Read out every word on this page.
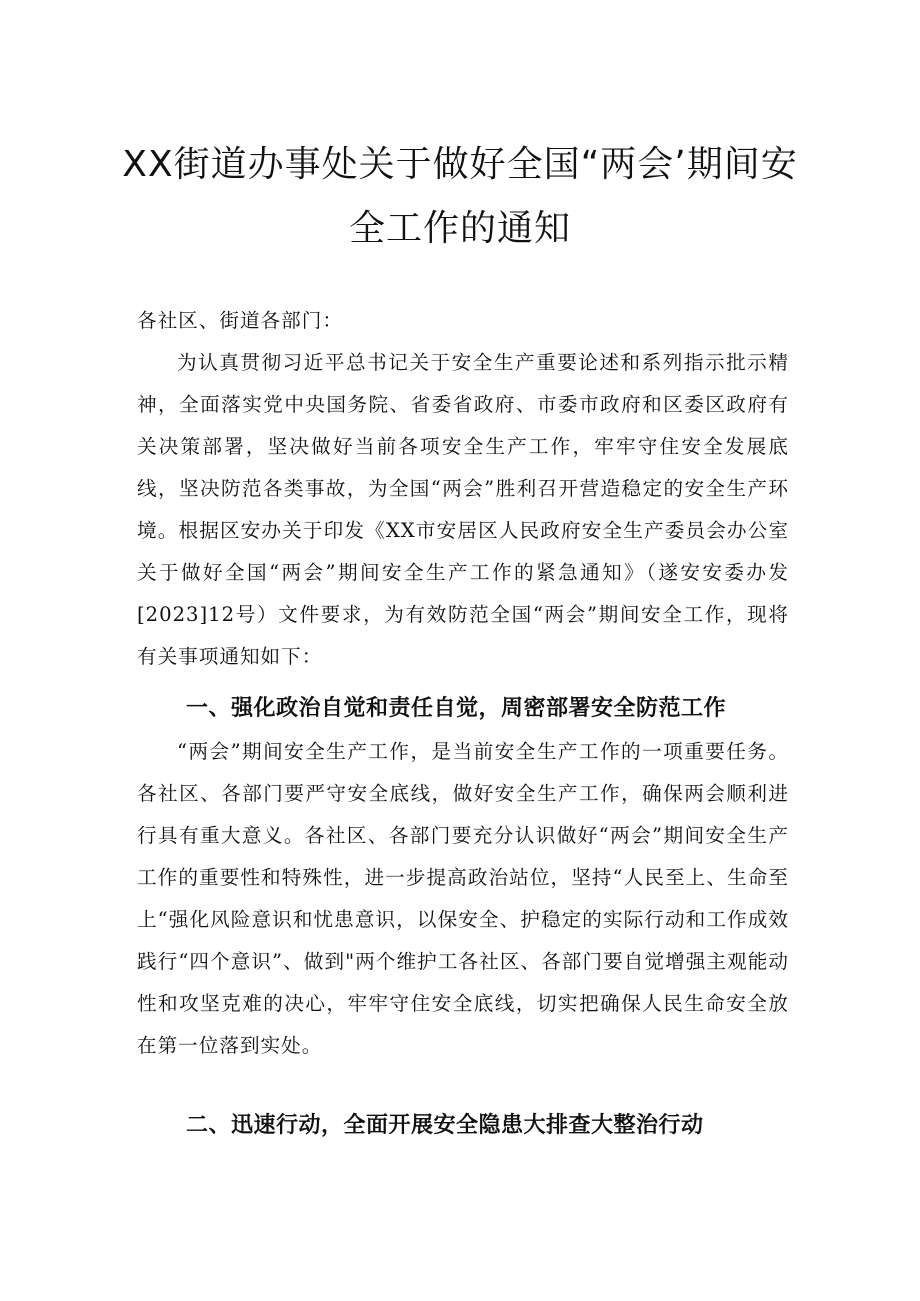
XX街道办事处关于做好全国“两会’期间安
全工作的通知

各社区、街道各部门：

为认真贯彻习近平总书记关于安全生产重要论述和系列指示批示精神，全面落实党中央国务院、省委省政府、市委市政府和区委区政府有关决策部署，坚决做好当前各项安全生产工作，牢牢守住安全发展底线，坚决防范各类事故，为全国“两会”胜利召开营造稳定的安全生产环境。根据区安办关于印发《XX市安居区人民政府安全生产委员会办公室关于做好全国“两会”期间安全生产工作的紧急通知》（遂安安委办发[2023]12号）文件要求，为有效防范全国“两会”期间安全工作，现将有关事项通知如下：

一、强化政治自觉和责任自觉，周密部署安全防范工作

“两会”期间安全生产工作，是当前安全生产工作的一项重要任务。各社区、各部门要严守安全底线，做好安全生产工作，确保两会顺利进行具有重大意义。各社区、各部门要充分认识做好“两会”期间安全生产工作的重要性和特殊性，进一步提高政治站位，坚持“人民至上、生命至上“强化风险意识和忧患意识，以保安全、护稳定的实际行动和工作成效践行“四个意识”、做到"两个维护工各社区、各部门要自觉增强主观能动性和攻坚克难的决心，牢牢守住安全底线，切实把确保人民生命安全放在第一位落到实处。

二、迅速行动，全面开展安全隐患大排查大整治行动
